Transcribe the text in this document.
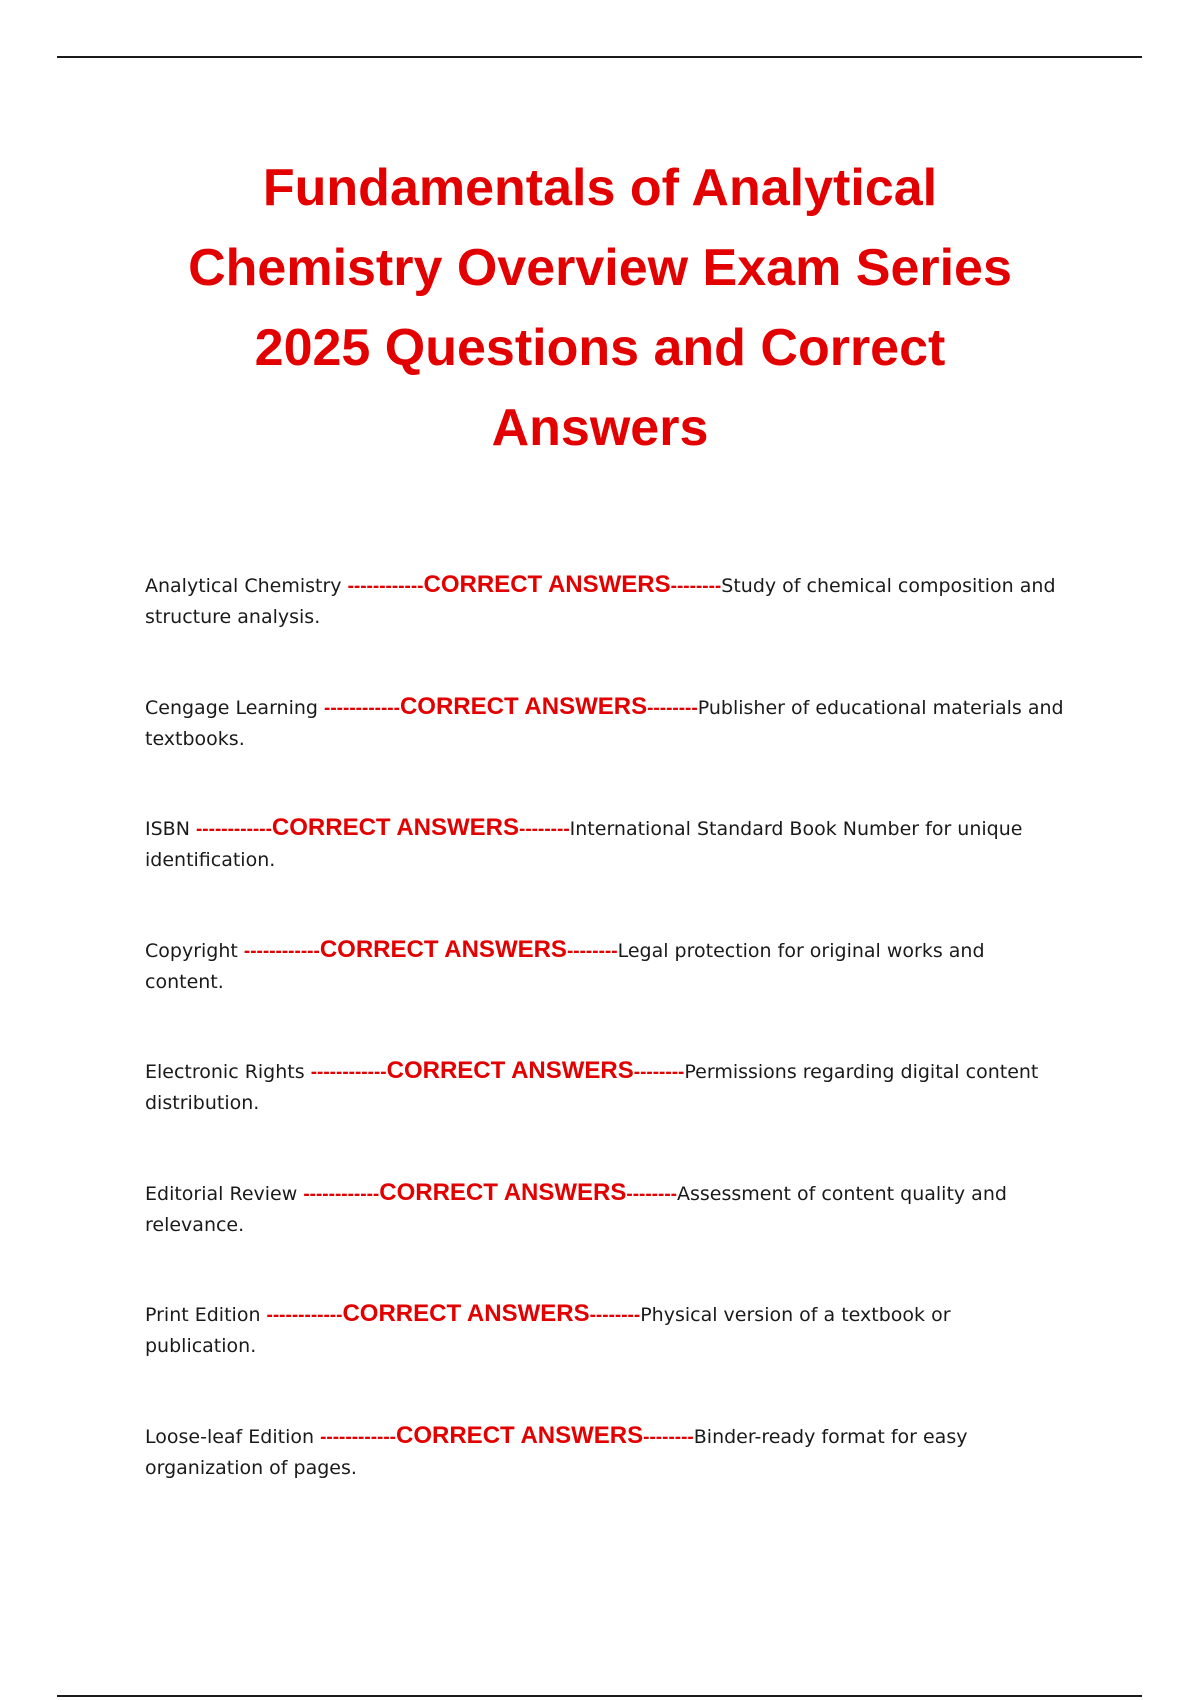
Fundamentals of Analytical Chemistry Overview Exam Series 2025 Questions and Correct Answers
Analytical Chemistry ------------CORRECT ANSWERS--------Study of chemical composition and structure analysis.
Cengage Learning ------------CORRECT ANSWERS--------Publisher of educational materials and textbooks.
ISBN ------------CORRECT ANSWERS--------International Standard Book Number for unique identification.
Copyright ------------CORRECT ANSWERS--------Legal protection for original works and content.
Electronic Rights ------------CORRECT ANSWERS--------Permissions regarding digital content distribution.
Editorial Review ------------CORRECT ANSWERS--------Assessment of content quality and relevance.
Print Edition ------------CORRECT ANSWERS--------Physical version of a textbook or publication.
Loose-leaf Edition ------------CORRECT ANSWERS--------Binder-ready format for easy organization of pages.
